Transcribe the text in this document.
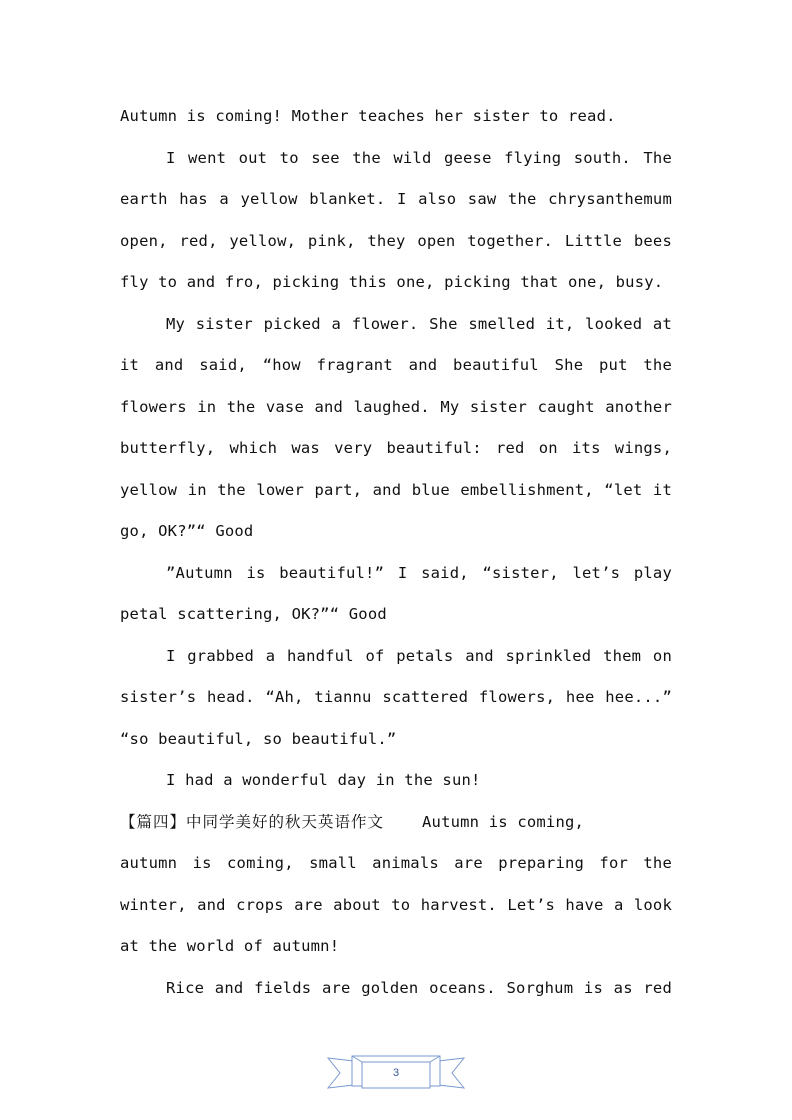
Autumn is coming! Mother teaches her sister to read.
I went out to see the wild geese flying south. The
earth has a yellow blanket. I also saw the chrysanthemum
open, red, yellow, pink, they open together. Little bees
fly to and fro, picking this one, picking that one, busy.
My sister picked a flower. She smelled it, looked at
it and said, “how fragrant and beautiful She put the
flowers in the vase and laughed. My sister caught another
butterfly, which was very beautiful: red on its wings,
yellow in the lower part, and blue embellishment, “let it
go, OK?”“ Good
”Autumn is beautiful!” I said, “sister, let’s play
petal scattering, OK?”“ Good
I grabbed a handful of petals and sprinkled them on
sister’s head. “Ah, tiannu scattered flowers, hee hee...”
“so beautiful, so beautiful.”
I had a wonderful day in the sun!
【篇四】中同学美好的秋天英语作文 Autumn is coming,
autumn is coming, small animals are preparing for the
winter, and crops are about to harvest. Let’s have a look
at the world of autumn!
Rice and fields are golden oceans. Sorghum is as red
3
